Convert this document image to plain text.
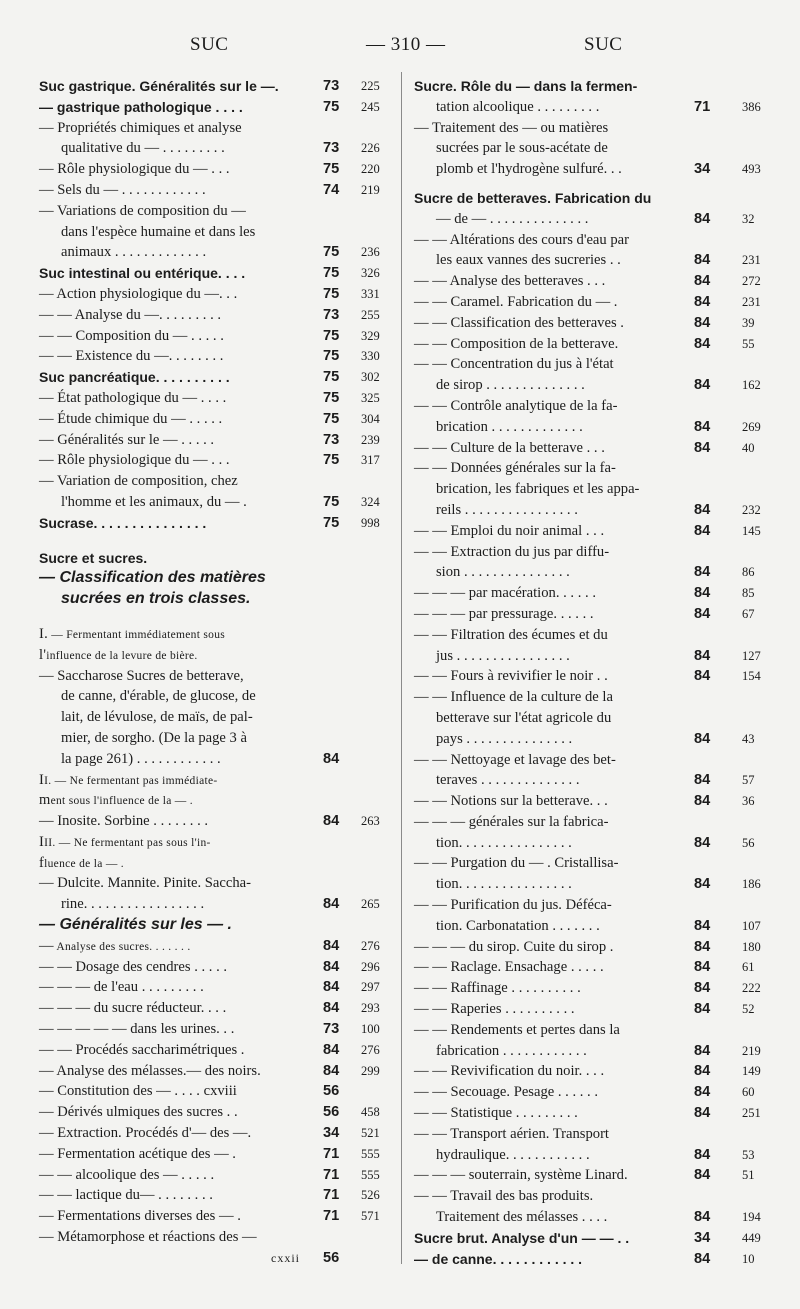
SUC	— 310 —	SUC
Suc gastrique. Généralités sur le —.	73 225
— gastrique pathologique . . . .	75 245
— Propriétés chimiques et analyse
qualitative du — . . . . . . . . .	73 226
— Rôle physiologique du — . . .	75 220
— Sels du — . . . . . . . . . . . .	74 219
— Variations de composition du —
dans l'espèce humaine et dans les
animaux . . . . . . . . . . . . .	75 236
Suc intestinal ou entérique. . . .	75 326
— Action physiologique du —. . .	75 331
— — Analyse du —. . . . . . . . .	73 255
— — Composition du — . . . . .	75 329
— — Existence du —. . . . . . . .	75 330
Suc pancréatique. . . . . . . . . .	75 302
— État pathologique du — . . . .	75 325
— Étude chimique du — . . . . .	75 304
— Généralités sur le — . . . . .	73 239
— Rôle physiologique du — . . .	75 317
— Variation de composition, chez
l'homme et les animaux, du — .	75 324
Sucrase. . . . . . . . . . . . . . .	75 998
Sucre et sucres.
— Classification des matières
sucrées en trois classes.
I. — Fermentant immédiatement sous
l'influence de la levure de bière.
— Saccharose Sucres de betterave,
de canne, d'érable, de glucose, de
lait, de lévulose, de maïs, de pal-
mier, de sorgho. (De la page 3 à
la page 261) . . . . . . . . . . . .	84
II. — Ne fermentant pas immédiate-
ment sous l'influence de la — .
— Inosite. Sorbine . . . . . . . .	84 263
III. — Ne fermentant pas sous l'in-
fluence de la — .
— Dulcite. Mannite. Pinite. Saccha-
rine. . . . . . . . . . . . . . . . .	84 265
— Généralités sur les — .
— Analyse des sucres. . . . . . .	84 276
— — Dosage des cendres . . . . .	84 296
— — — de l'eau . . . . . . . . .	84 297
— — — du sucre réducteur. . . .	84 293
— — — — — dans les urines. . .	73 100
— — Procédés saccharimétriques .	84 276
— Analyse des mélasses.— des noirs.	84 299
— Constitution des — . . . . cxviii	56
— Dérivés ulmiques des sucres . .	56 458
— Extraction. Procédés d'— des —.	34 521
— Fermentation acétique des — .	71 555
— — alcoolique des — . . . . .	71 555
— — lactique du— . . . . . . . .	71 526
— Fermentations diverses des — .	71 571
— Métamorphose et réactions des —
cxxii 56
Sucre. Rôle du — dans la fermen-
tation alcoolique . . . . . . . . .	71	386
— Traitement des — ou matières
sucrées par le sous-acétate de
plomb et l'hydrogène sulfuré. . .	34	493
Sucre de betteraves. Fabrication du
— de — . . . . . . . . . . . . . .	84	32
— — Altérations des cours d'eau par
les eaux vannes des sucreries . .	84	231
— — Analyse des betteraves . . .	84	272
— — Caramel. Fabrication du — .	84	231
— — Classification des betteraves .	84	39
— — Composition de la betterave.	84	55
— — Concentration du jus à l'état
de sirop . . . . . . . . . . . . . .	84	162
— — Contrôle analytique de la fa-
brication . . . . . . . . . . . . .	84	269
— — Culture de la betterave . . .	84	40
— — Données générales sur la fa-
brication, les fabriques et les appa-
reils . . . . . . . . . . . . . . . .	84	232
— — Emploi du noir animal . . .	84	145
— — Extraction du jus par diffu-
sion . . . . . . . . . . . . . . .	84	86
— — — par macération. . . . . .	84	85
— — — par pressurage. . . . . .	84	67
— — Filtration des écumes et du
jus . . . . . . . . . . . . . . . .	84	127
— — Fours à revivifier le noir . .	84	154
— — Influence de la culture de la
betterave sur l'état agricole du
pays . . . . . . . . . . . . . . .	84	43
— — Nettoyage et lavage des bet-
teraves . . . . . . . . . . . . . .	84	57
— — Notions sur la betterave. . .	84	36
— — — générales sur la fabrica-
tion. . . . . . . . . . . . . . . .	84	56
— — Purgation du — . Cristallisa-
tion. . . . . . . . . . . . . . . .	84	186
— — Purification du jus. Déféca-
tion. Carbonatation . . . . . . .	84	107
— — — du sirop. Cuite du sirop .	84	180
— — Raclage. Ensachage . . . . .	84	61
— — Raffinage . . . . . . . . . .	84	222
— — Raperies . . . . . . . . . .	84	52
— — Rendements et pertes dans la
fabrication . . . . . . . . . . . .	84	219
— — Revivification du noir. . . .	84	149
— — Secouage. Pesage . . . . . .	84	60
— — Statistique . . . . . . . . .	84	251
— — Transport aérien. Transport
hydraulique. . . . . . . . . . . .	84	53
— — — souterrain, système Linard.	84	51
— — Travail des bas produits.
Traitement des mélasses . . . .	84	194
Sucre brut. Analyse d'un — — . .	34	449
— de canne. . . . . . . . . . . .	84	10
